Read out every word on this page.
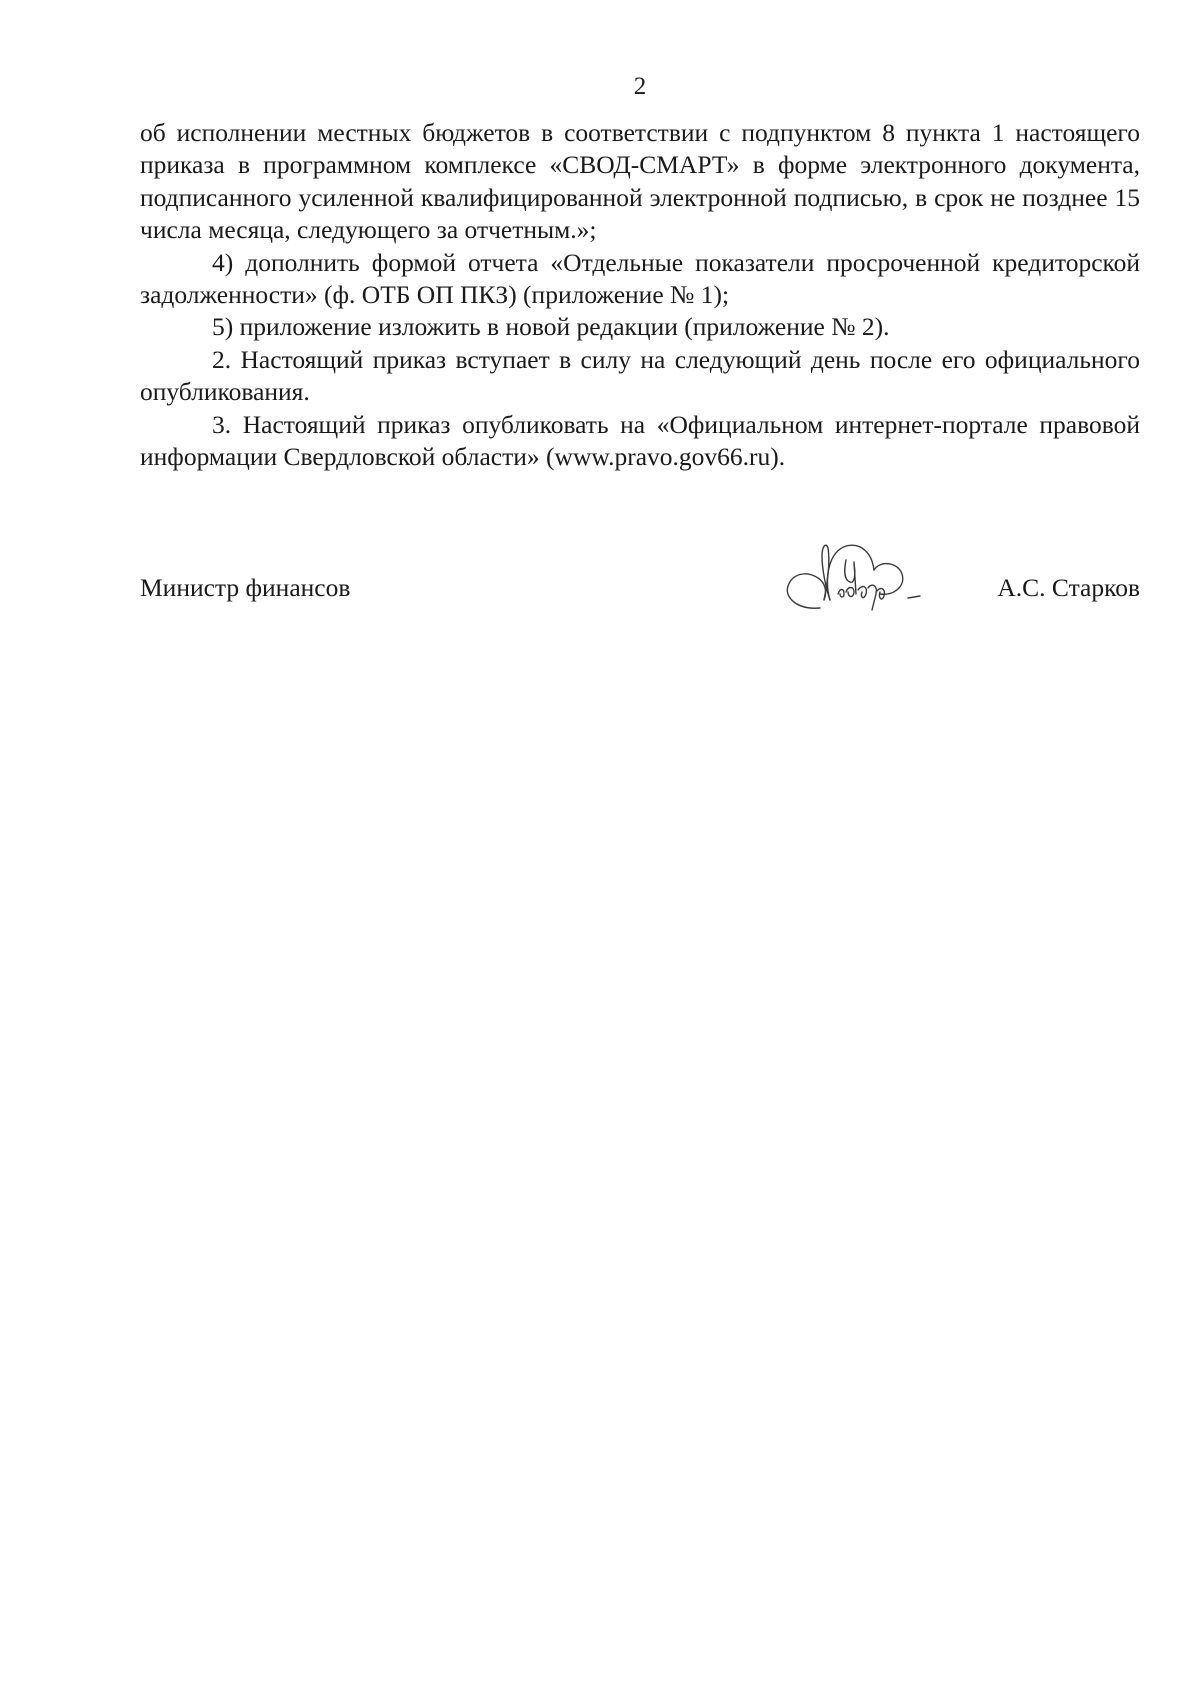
2

об исполнении местных бюджетов в соответствии с подпунктом 8 пункта 1 настоящего приказа в программном комплексе «СВОД-СМАРТ» в форме электронного документа, подписанного усиленной квалифицированной электронной подписью, в срок не позднее 15 числа месяца, следующего за отчетным.»;

4) дополнить формой отчета «Отдельные показатели просроченной кредиторской задолженности» (ф. ОТБ ОП ПКЗ) (приложение № 1);

5) приложение изложить в новой редакции (приложение № 2).

2. Настоящий приказ вступает в силу на следующий день после его официального опубликования.

3. Настоящий приказ опубликовать на «Официальном интернет-портале правовой информации Свердловской области» (www.pravo.gov66.ru).

Министр финансов	А.С. Старков
